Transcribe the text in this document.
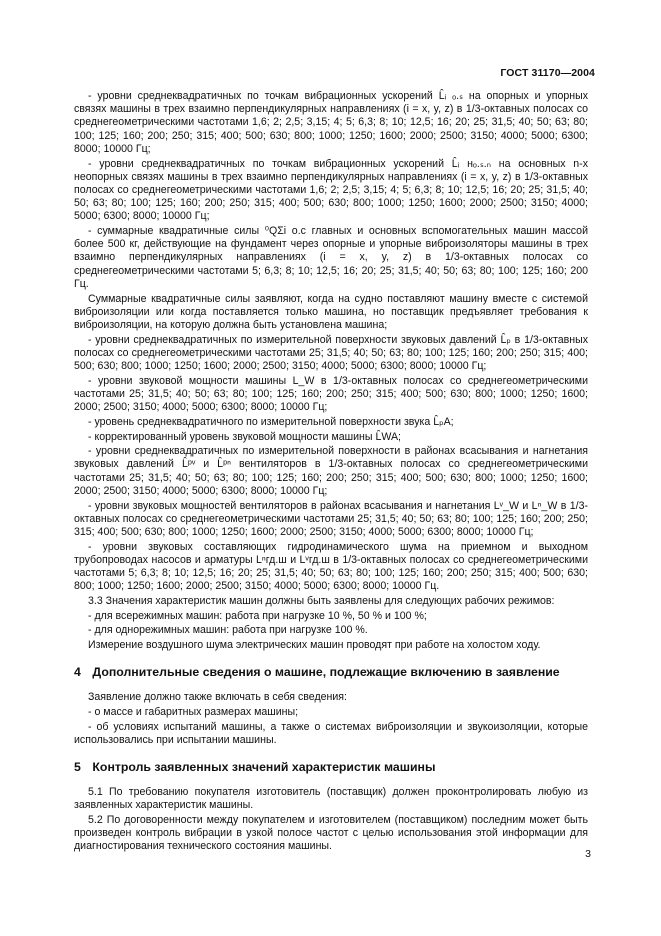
ГОСТ 31170—2004

- уровни среднеквадратичных по точкам вибрационных ускорений L̂ᵢ ₒ.ₛ на опорных и упорных связях машины в трех взаимно перпендикулярных направлениях (i = x, y, z) в 1/3-октавных полосах со среднегеометрическими частотами 1,6; 2; 2,5; 3,15; 4; 5; 6,3; 8; 10; 12,5; 16; 20; 25; 31,5; 40; 50; 63; 80; 100; 125; 160; 200; 250; 315; 400; 500; 630; 800; 1000; 1250; 1600; 2000; 2500; 3150; 4000; 5000; 6300; 8000; 10000 Гц;

- уровни среднеквадратичных по точкам вибрационных ускорений L̂ᵢ нₒ.ₛ.ₙ на основных n-х неопорных связях машины в трех взаимно перпендикулярных направлениях (i = x, y, z) в 1/3-октавных полосах со среднегеометрическими частотами 1,6; 2; 2,5; 3,15; 4; 5; 6,3; 8; 10; 12,5; 16; 20; 25; 31,5; 40; 50; 63; 80; 100; 125; 160; 200; 250; 315; 400; 500; 630; 800; 1000; 1250; 1600; 2000; 2500; 3150; 4000; 5000; 6300; 8000; 10000 Гц;

- суммарные квадратичные силы ⁰QΣi о.с главных и основных вспомогательных машин массой более 500 кг, действующие на фундамент через опорные и упорные виброизоляторы машины в трех взаимно перпендикулярных направлениях (i = x, y, z) в 1/3-октавных полосах со среднегеометрическими частотами 5; 6,3; 8; 10; 12,5; 16; 20; 25; 31,5; 40; 50; 63; 80; 100; 125; 160; 200 Гц.

Суммарные квадратичные силы заявляют, когда на судно поставляют машину вместе с системой виброизоляции или когда поставляется только машина, но поставщик предъявляет требования к виброизоляции, на которую должна быть установлена машина;

- уровни среднеквадратичных по измерительной поверхности звуковых давлений L̂ₚ в 1/3-октавных полосах со среднегеометрическими частотами 25; 31,5; 40; 50; 63; 80; 100; 125; 160; 200; 250; 315; 400; 500; 630; 800; 1000; 1250; 1600; 2000; 2500; 3150; 4000; 5000; 6300; 8000; 10000 Гц;

- уровни звуковой мощности машины L_W в 1/3-октавных полосах со среднегеометрическими частотами 25; 31,5; 40; 50; 63; 80; 100; 125; 160; 200; 250; 315; 400; 500; 630; 800; 1000; 1250; 1600; 2000; 2500; 3150; 4000; 5000; 6300; 8000; 10000 Гц;

- уровень среднеквадратичного по измерительной поверхности звука L̂ₚA;

- корректированный уровень звуковой мощности машины L̂WA;

- уровни среднеквадратичных по измерительной поверхности в районах всасывания и нагнетания звуковых давлений L̂ᵖᵛ и L̂ᵖⁿ вентиляторов в 1/3-октавных полосах со среднегеометрическими частотами 25; 31,5; 40; 50; 63; 80; 100; 125; 160; 200; 250; 315; 400; 500; 630; 800; 1000; 1250; 1600; 2000; 2500; 3150; 4000; 5000; 6300; 8000; 10000 Гц;

- уровни звуковых мощностей вентиляторов в районах всасывания и нагнетания Lᵛ_W и Lⁿ_W в 1/3-октавных полосах со среднегеометрическими частотами 25; 31,5; 40; 50; 63; 80; 100; 125; 160; 200; 250; 315; 400; 500; 630; 800; 1000; 1250; 1600; 2000; 2500; 3150; 4000; 5000; 6300; 8000; 10000 Гц;

- уровни звуковых составляющих гидродинамического шума на приемном и выходном трубопроводах насосов и арматуры Lⁿгд.ш и Lᵛгд.ш в 1/3-октавных полосах со среднегеометрическими частотами 5; 6,3; 8; 10; 12,5; 16; 20; 25; 31,5; 40; 50; 63; 80; 100; 125; 160; 200; 250; 315; 400; 500; 630; 800; 1000; 1250; 1600; 2000; 2500; 3150; 4000; 5000; 6300; 8000; 10000 Гц.

3.3 Значения характеристик машин должны быть заявлены для следующих рабочих режимов:

- для всережимных машин: работа при нагрузке 10 %, 50 % и 100 %;

- для однорежимных машин: работа при нагрузке 100 %.

Измерение воздушного шума электрических машин проводят при работе на холостом ходу.

4 Дополнительные сведения о машине, подлежащие включению в заявление

Заявление должно также включать в себя сведения:

- о массе и габаритных размерах машины;

- об условиях испытаний машины, а также о системах виброизоляции и звукоизоляции, которые использовались при испытании машины.

5 Контроль заявленных значений характеристик машины

5.1 По требованию покупателя изготовитель (поставщик) должен проконтролировать любую из заявленных характеристик машины.

5.2 По договоренности между покупателем и изготовителем (поставщиком) последним может быть произведен контроль вибрации в узкой полосе частот с целью использования этой информации для диагностирования технического состояния машины.

3
